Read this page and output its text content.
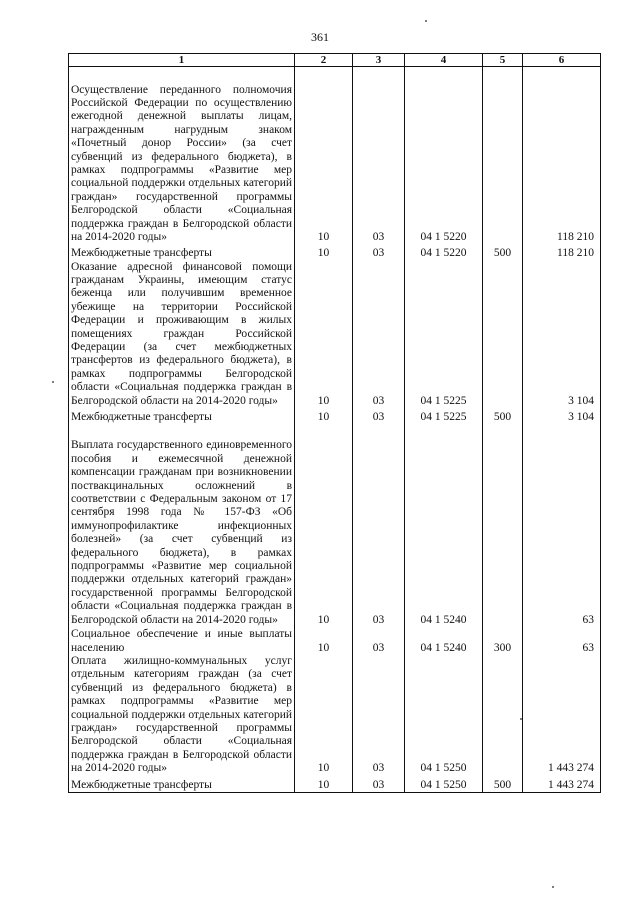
361
1	2	3	4	5	6
Осуществление переданного полномочия Российской Федерации по осуществлению ежегодной денежной выплаты лицам, награжденным нагрудным знаком «Почетный донор России» (за счет субвенций из федерального бюджета), в рамках подпрограммы «Развитие мер социальной поддержки отдельных категорий граждан» государственной программы Белгородской области «Социальная поддержка граждан в Белгородской области на 2014-2020 годы»	10	03	04 1 5220		118 210
Межбюджетные трансферты	10	03	04 1 5220	500	118 210
Оказание адресной финансовой помощи гражданам Украины, имеющим статус беженца или получившим временное убежище на территории Российской Федерации и проживающим в жилых помещениях граждан Российской Федерации (за счет межбюджетных трансфертов из федерального бюджета), в рамках подпрограммы Белгородской области «Социальная поддержка граждан в Белгородской области на 2014-2020 годы»	10	03	04 1 5225		3 104
Межбюджетные трансферты	10	03	04 1 5225	500	3 104
Выплата государственного единовременного пособия и ежемесячной денежной компенсации гражданам при возникновении поствакцинальных осложнений в соответствии с Федеральным законом от 17 сентября 1998 года № 157-ФЗ «Об иммунопрофилактике инфекционных болезней» (за счет субвенций из федерального бюджета), в рамках подпрограммы «Развитие мер социальной поддержки отдельных категорий граждан» государственной программы Белгородской области «Социальная поддержка граждан в Белгородской области на 2014-2020 годы»	10	03	04 1 5240		63
Социальное обеспечение и иные выплаты населению	10	03	04 1 5240	300	63
Оплата жилищно-коммунальных услуг отдельным категориям граждан (за счет субвенций из федерального бюджета) в рамках подпрограммы «Развитие мер социальной поддержки отдельных категорий граждан» государственной программы Белгородской области «Социальная поддержка граждан в Белгородской области на 2014-2020 годы»	10	03	04 1 5250		1 443 274
Межбюджетные трансферты	10	03	04 1 5250	500	1 443 274
